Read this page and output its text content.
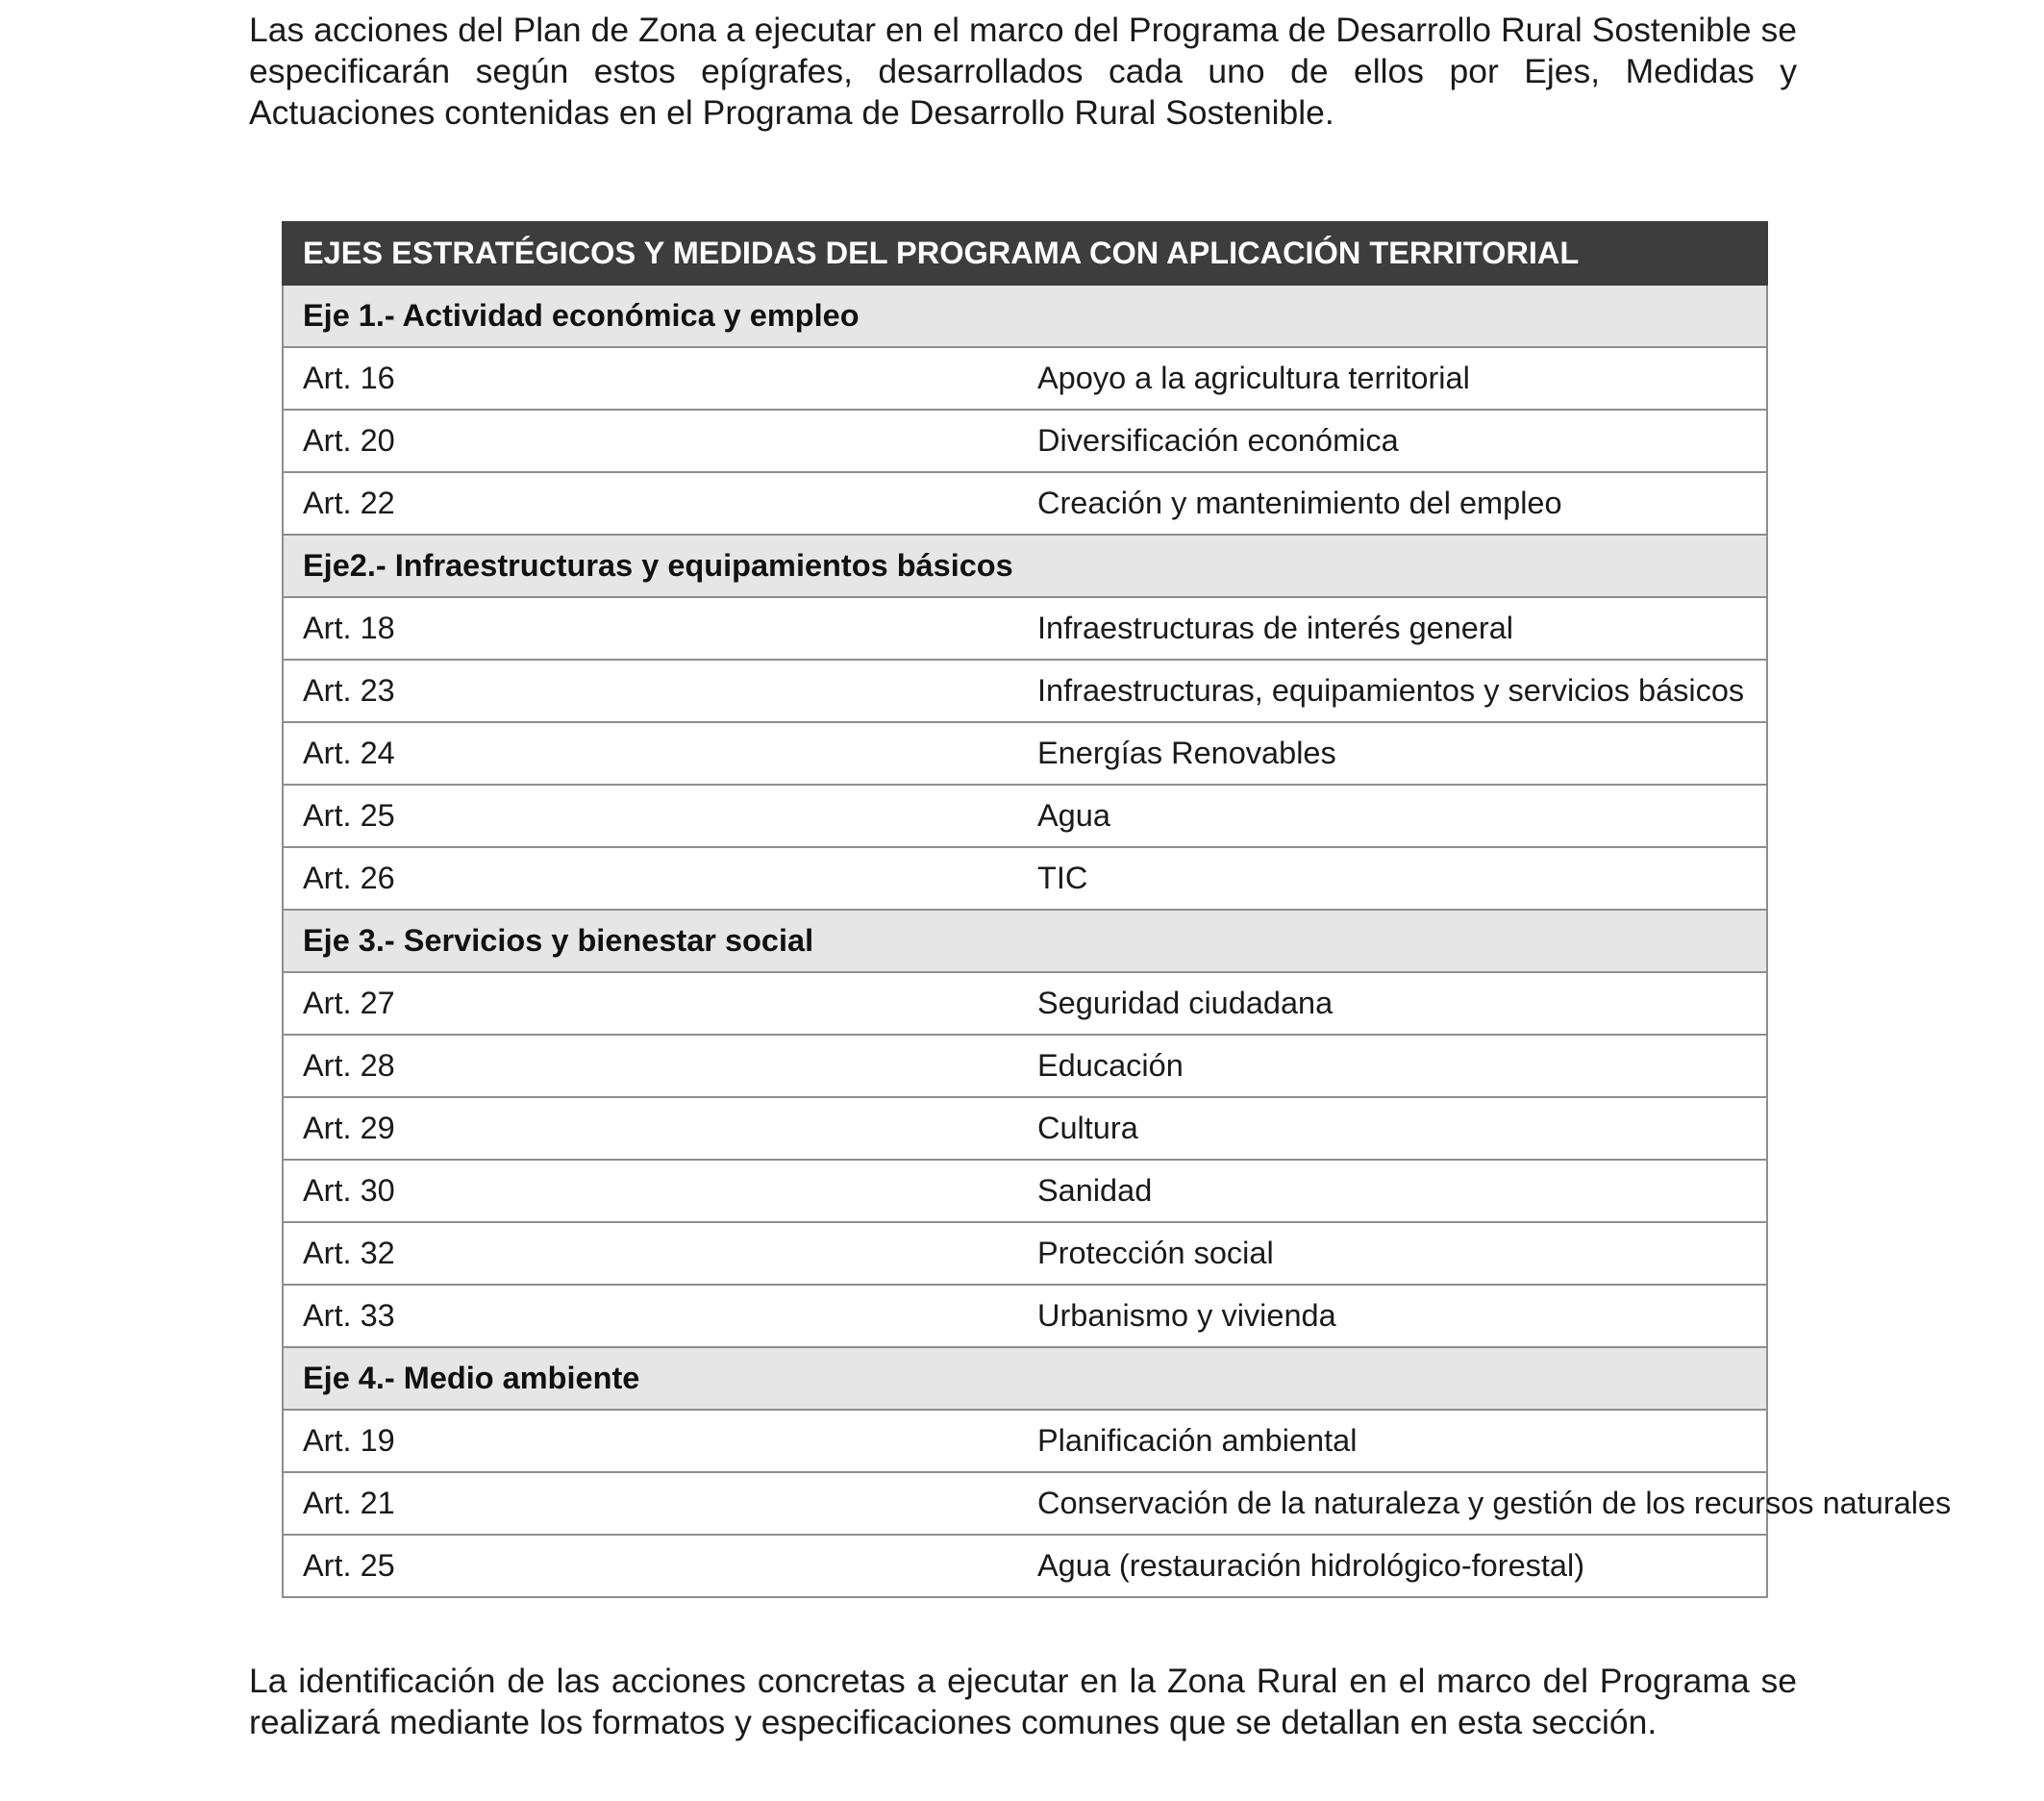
Las acciones del Plan de Zona a ejecutar en el marco del Programa de Desarrollo Rural Sostenible se especificarán según estos epígrafes, desarrollados cada uno de ellos por Ejes, Medidas y Actuaciones contenidas en el Programa de Desarrollo Rural Sostenible.

EJES ESTRATÉGICOS Y MEDIDAS DEL PROGRAMA CON APLICACIÓN TERRITORIAL	
Eje 1.- Actividad económica y empleo	
Art. 16	Apoyo a la agricultura territorial
Art. 20	Diversificación económica
Art. 22	Creación y mantenimiento del empleo
Eje2.- Infraestructuras y equipamientos básicos	
Art. 18	Infraestructuras de interés general
Art. 23	Infraestructuras, equipamientos y servicios básicos
Art. 24	Energías Renovables
Art. 25	Agua
Art. 26	TIC
Eje 3.- Servicios y bienestar social	
Art. 27	Seguridad ciudadana
Art. 28	Educación
Art. 29	Cultura
Art. 30	Sanidad
Art. 32	Protección social
Art. 33	Urbanismo y vivienda
Eje 4.- Medio ambiente	
Art. 19	Planificación ambiental
Art. 21	Conservación de la naturaleza y gestión de los recursos naturales
Art. 25	Agua (restauración hidrológico-forestal)

La identificación de las acciones concretas a ejecutar en la Zona Rural en el marco del Programa se realizará mediante los formatos y especificaciones comunes que se detallan en esta sección.
